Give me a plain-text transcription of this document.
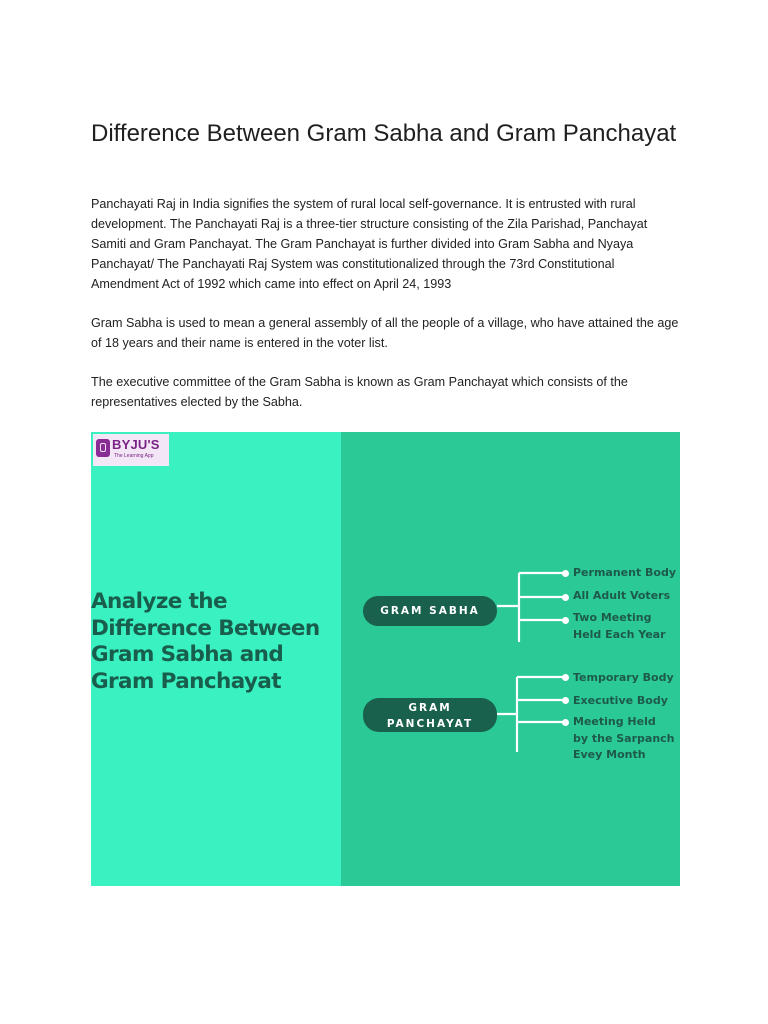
Difference Between Gram Sabha and Gram Panchayat

Panchayati Raj in India signifies the system of rural local self-governance. It is entrusted with rural development. The Panchayati Raj is a three-tier structure consisting of the Zila Parishad, Panchayat Samiti and Gram Panchayat. The Gram Panchayat is further divided into Gram Sabha and Nyaya Panchayat/ The Panchayati Raj System was constitutionalized through the 73rd Constitutional Amendment Act of 1992 which came into effect on April 24, 1993

Gram Sabha is used to mean a general assembly of all the people of a village, who have attained the age of 18 years and their name is entered in the voter list.

The executive committee of the Gram Sabha is known as Gram Panchayat which consists of the representatives elected by the Sabha.

BYJU'S
The Learning App
Analyze the
Difference Between
Gram Sabha and
Gram Panchayat
GRAM SABHA
GRAM
PANCHAYAT
Permanent Body
All Adult Voters
Two Meeting
Held Each Year
Temporary Body
Executive Body
Meeting Held
by the Sarpanch
Evey Month
